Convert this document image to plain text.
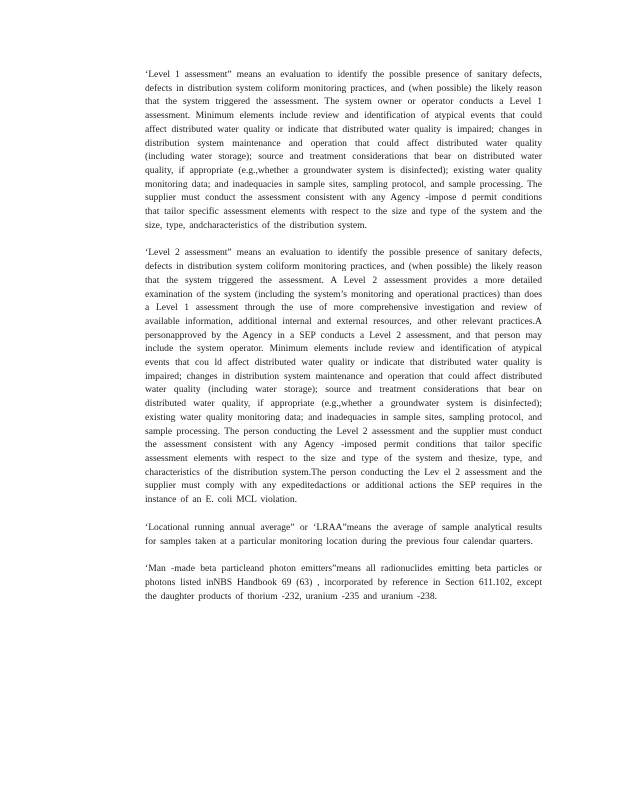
‘Level 1 assessment” means an evaluation to identify the possible presence of sanitary defects, defects in distribution system coliform monitoring practices, and (when possible) the likely reason that the system triggered the assessment. The system owner or operator conducts a Level 1 assessment. Minimum elements include review and identification of atypical events that could affect distributed water quality or indicate that distributed water quality is impaired; changes in distribution system maintenance and operation that could affect distributed water quality (including water storage); source and treatment considerations that bear on distributed water quality, if appropriate (e.g.,whether a groundwater system is disinfected); existing water quality monitoring data; and inadequacies in sample sites, sampling protocol, and sample processing. The supplier must conduct the assessment consistent with any Agency -impose d permit conditions that tailor specific assessment elements with respect to the size and type of the system and the size, type, andcharacteristics of the distribution system.

‘Level 2 assessment” means an evaluation to identify the possible presence of sanitary defects, defects in distribution system coliform monitoring practices, and (when possible) the likely reason that the system triggered the assessment. A Level 2 assessment provides a more detailed examination of the system (including the system’s monitoring and operational practices) than does a Level 1 assessment through the use of more comprehensive investigation and review of available information, additional internal and external resources, and other relevant practices.A personapproved by the Agency in a SEP conducts a Level 2 assessment, and that person may include the system operator. Minimum elements include review and identification of atypical events that cou ld affect distributed water quality or indicate that distributed water quality is impaired; changes in distribution system maintenance and operation that could affect distributed water quality (including water storage); source and treatment considerations that bear on distributed water quality, if appropriate (e.g.,whether a groundwater system is disinfected); existing water quality monitoring data; and inadequacies in sample sites, sampling protocol, and sample processing. The person conducting the Level 2 assessment and the supplier must conduct the assessment consistent with any Agency -imposed permit conditions that tailor specific assessment elements with respect to the size and type of the system and thesize, type, and characteristics of the distribution system.The person conducting the Lev el 2 assessment and the supplier must comply with any expeditedactions or additional actions the SEP requires in the instance of an E. coli MCL violation.

‘Locational running annual average” or ‘LRAA”means the average of sample analytical results for samples taken at a particular monitoring location during the previous four calendar quarters.

‘Man -made beta particleand photon emitters”means all radionuclides emitting beta particles or photons listed inNBS Handbook 69 (63) , incorporated by reference in Section 611.102, except the daughter products of thorium -232, uranium -235 and uranium -238.
